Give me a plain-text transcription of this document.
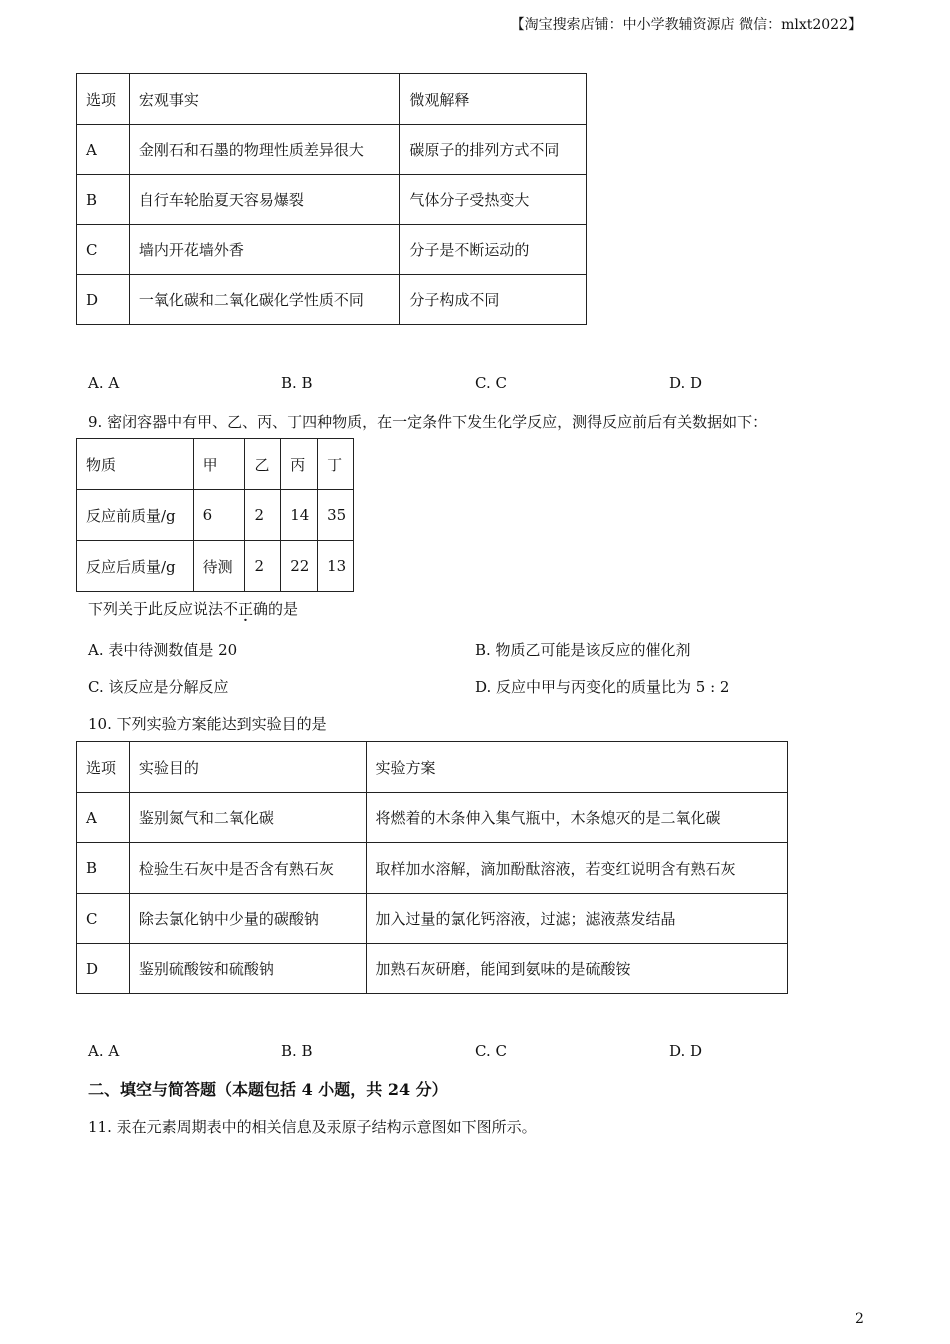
【淘宝搜索店铺：中小学教辅资源店 微信：mlxt2022】
选项	宏观事实	微观解释
A	金刚石和石墨的物理性质差异很大	碳原子的排列方式不同
B	自行车轮胎夏天容易爆裂	气体分子受热变大
C	墙内开花墙外香	分子是不断运动的
D	一氧化碳和二氧化碳化学性质不同	分子构成不同
A. A	B. B	C. C	D. D
9. 密闭容器中有甲、乙、丙、丁四种物质，在一定条件下发生化学反应，测得反应前后有关数据如下：
物质	甲	乙	丙	丁
反应前质量/g	6	2	14	35
反应后质量/g	待测	2	22	13
下列关于此反应说法不正确的是
A. 表中待测数值是 20	B. 物质乙可能是该反应的催化剂
C. 该反应是分解反应	D. 反应中甲与丙变化的质量比为 5 : 2
10. 下列实验方案能达到实验目的是
选项	实验目的	实验方案
A	鉴别氮气和二氧化碳	将燃着的木条伸入集气瓶中，木条熄灭的是二氧化碳
B	检验生石灰中是否含有熟石灰	取样加水溶解，滴加酚酞溶液，若变红说明含有熟石灰
C	除去氯化钠中少量的碳酸钠	加入过量的氯化钙溶液，过滤；滤液蒸发结晶
D	鉴别硫酸铵和硫酸钠	加熟石灰研磨，能闻到氨味的是硫酸铵
A. A	B. B	C. C	D. D
二、填空与简答题（本题包括 4 小题，共 24 分）
11. 汞在元素周期表中的相关信息及汞原子结构示意图如下图所示。
2
